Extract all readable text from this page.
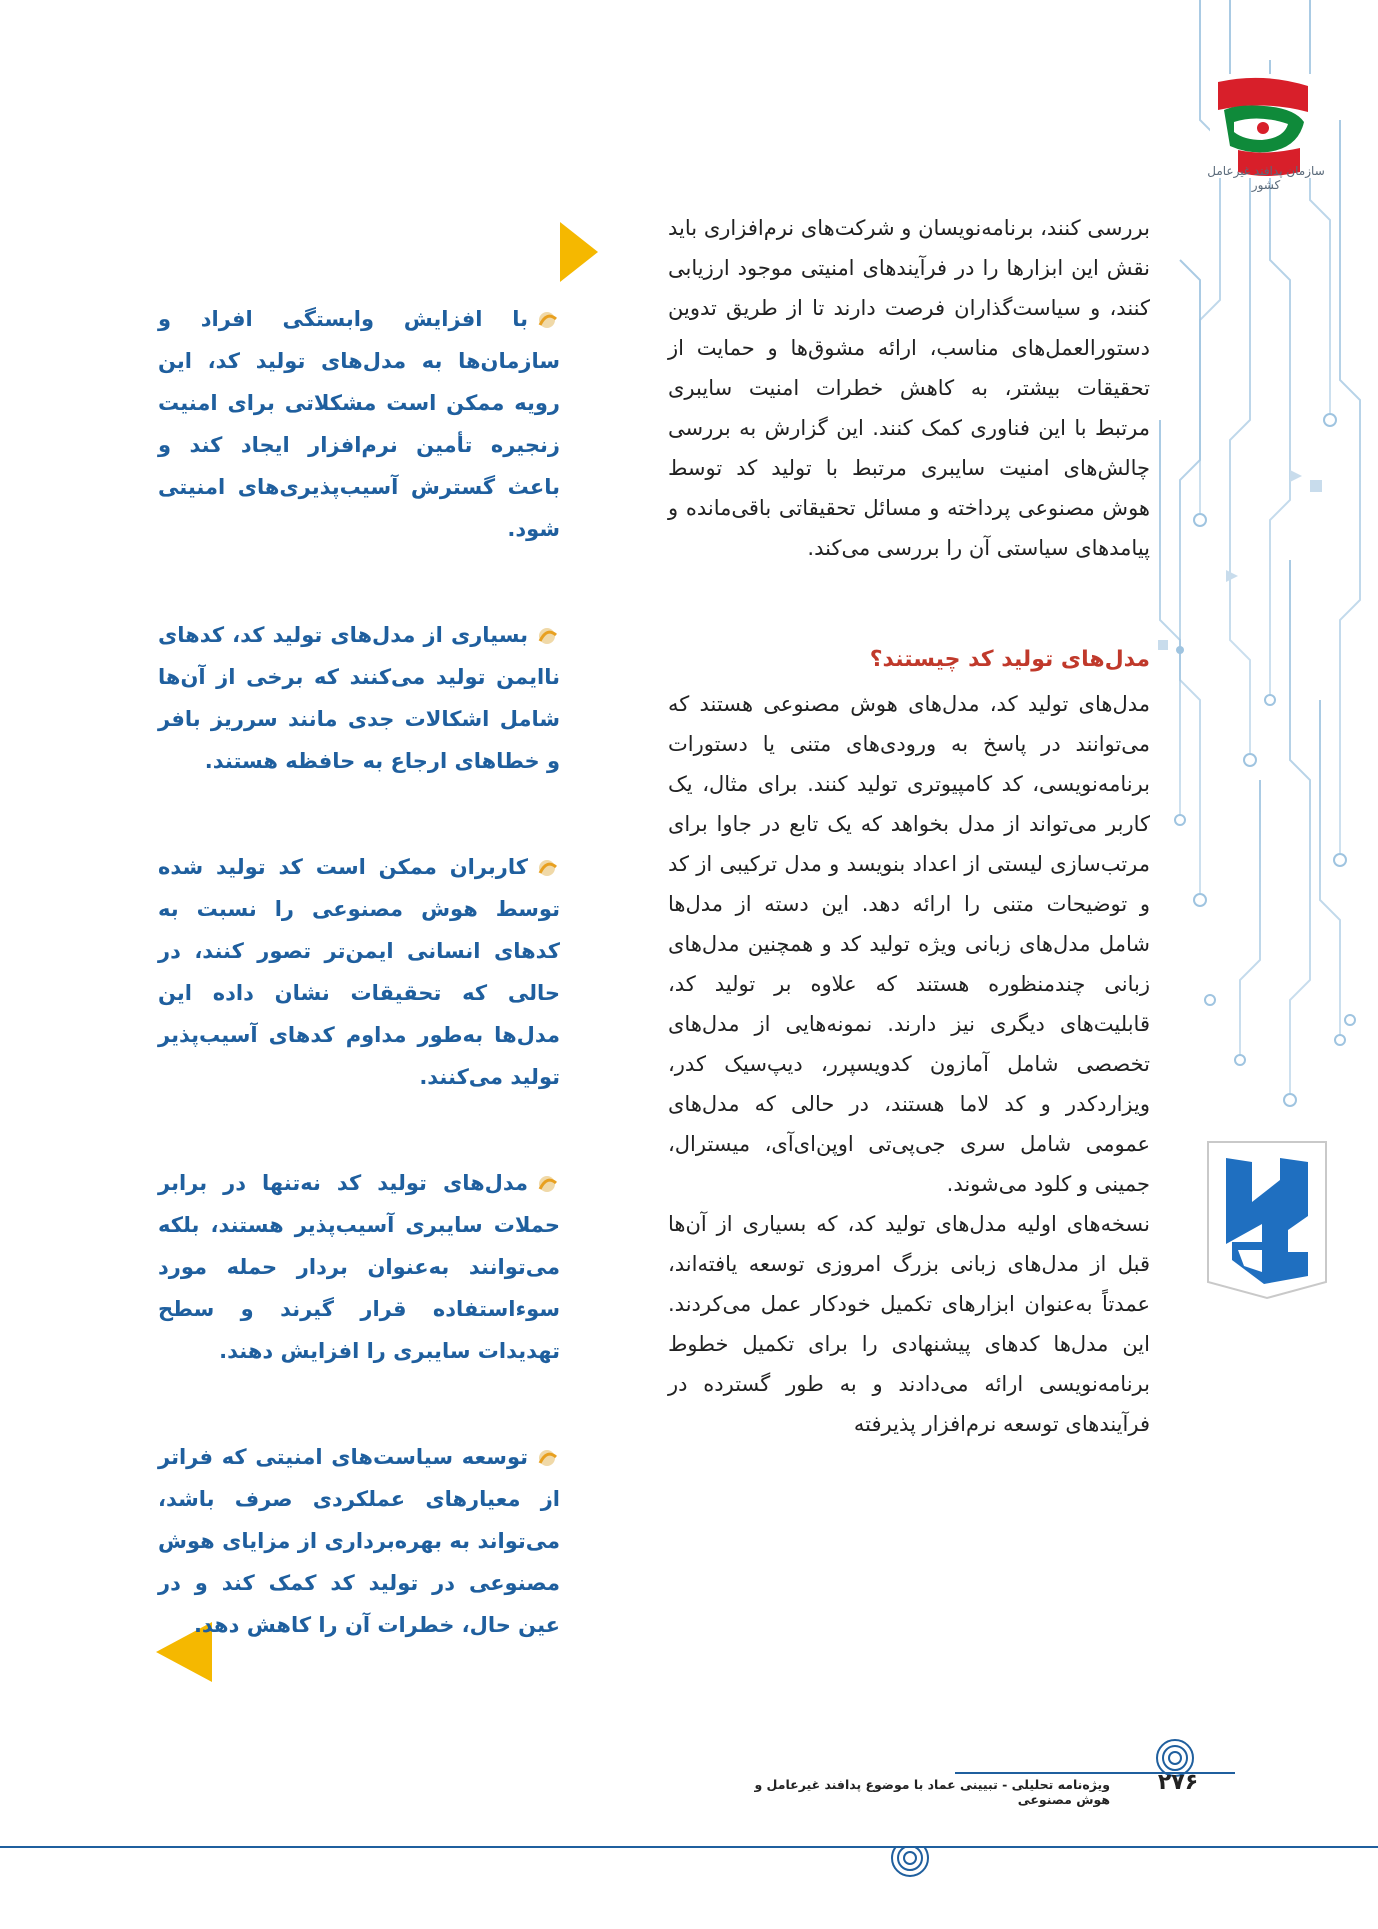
سازمان پدافند غیرعامل کشور

بررسی کنند، برنامه‌نویسان و شرکت‌های نرم‌افزاری باید نقش این ابزارها را در فرآیندهای امنیتی موجود ارزیابی کنند، و سیاست‌گذاران فرصت دارند تا از طریق تدوین دستورالعمل‌های مناسب، ارائه مشوق‌ها و حمایت از تحقیقات بیشتر، به کاهش خطرات امنیت سایبری مرتبط با این فناوری کمک کنند. این گزارش به بررسی چالش‌های امنیت سایبری مرتبط با تولید کد توسط هوش مصنوعی پرداخته و مسائل تحقیقاتی باقی‌مانده و پیامدهای سیاستی آن را بررسی می‌کند.

مدل‌های تولید کد چیستند؟

مدل‌های تولید کد، مدل‌های هوش مصنوعی هستند که می‌توانند در پاسخ به ورودی‌های متنی یا دستورات برنامه‌نویسی، کد کامپیوتری تولید کنند. برای مثال، یک کاربر می‌تواند از مدل بخواهد که یک تابع در جاوا برای مرتب‌سازی لیستی از اعداد بنویسد و مدل ترکیبی از کد و توضیحات متنی را ارائه دهد. این دسته از مدل‌ها شامل مدل‌های زبانی ویژه تولید کد و همچنین مدل‌های زبانی چندمنظوره هستند که علاوه بر تولید کد، قابلیت‌های دیگری نیز دارند. نمونه‌هایی از مدل‌های تخصصی شامل آمازون کدویسپرر، دیپ‌سیک کدر، ویزاردکدر و کد لاما هستند، در حالی که مدل‌های عمومی شامل سری جی‌پی‌تی اوپن‌ای‌آی، میسترال، جمینی و کلود می‌شوند.

نسخه‌های اولیه مدل‌های تولید کد، که بسیاری از آن‌ها قبل از مدل‌های زبانی بزرگ امروزی توسعه یافته‌اند، عمدتاً به‌عنوان ابزارهای تکمیل خودکار عمل می‌کردند. این مدل‌ها کدهای پیشنهادی را برای تکمیل خطوط برنامه‌نویسی ارائه می‌دادند و به طور گسترده در فرآیندهای توسعه نرم‌افزار پذیرفته

با افزایش وابستگی افراد و سازمان‌ها به مدل‌های تولید کد، این رویه ممکن است مشکلاتی برای امنیت زنجیره تأمین نرم‌افزار ایجاد کند و باعث گسترش آسیب‌پذیری‌های امنیتی شود.
بسیاری از مدل‌های تولید کد، کدهای ناایمن تولید می‌کنند که برخی از آن‌ها شامل اشکالات جدی مانند سرریز بافر و خطاهای ارجاع به حافظه هستند.
کاربران ممکن است کد تولید شده توسط هوش مصنوعی را نسبت به کدهای انسانی ایمن‌تر تصور کنند، در حالی که تحقیقات نشان داده این مدل‌ها به‌طور مداوم کدهای آسیب‌پذیر تولید می‌کنند.
مدل‌های تولید کد نه‌تنها در برابر حملات سایبری آسیب‌پذیر هستند، بلکه می‌توانند به‌عنوان بردار حمله مورد سوءاستفاده قرار گیرند و سطح تهدیدات سایبری را افزایش دهند.
توسعه سیاست‌های امنیتی که فراتر از معیارهای عملکردی صرف باشد، می‌تواند به بهره‌برداری از مزایای هوش مصنوعی در تولید کد کمک کند و در عین حال، خطرات آن را کاهش دهد.
ویژه‌نامه تحلیلی - تبیینی عماد با موضوع پدافند غیرعامل و هوش مصنوعی
۲۷۶
